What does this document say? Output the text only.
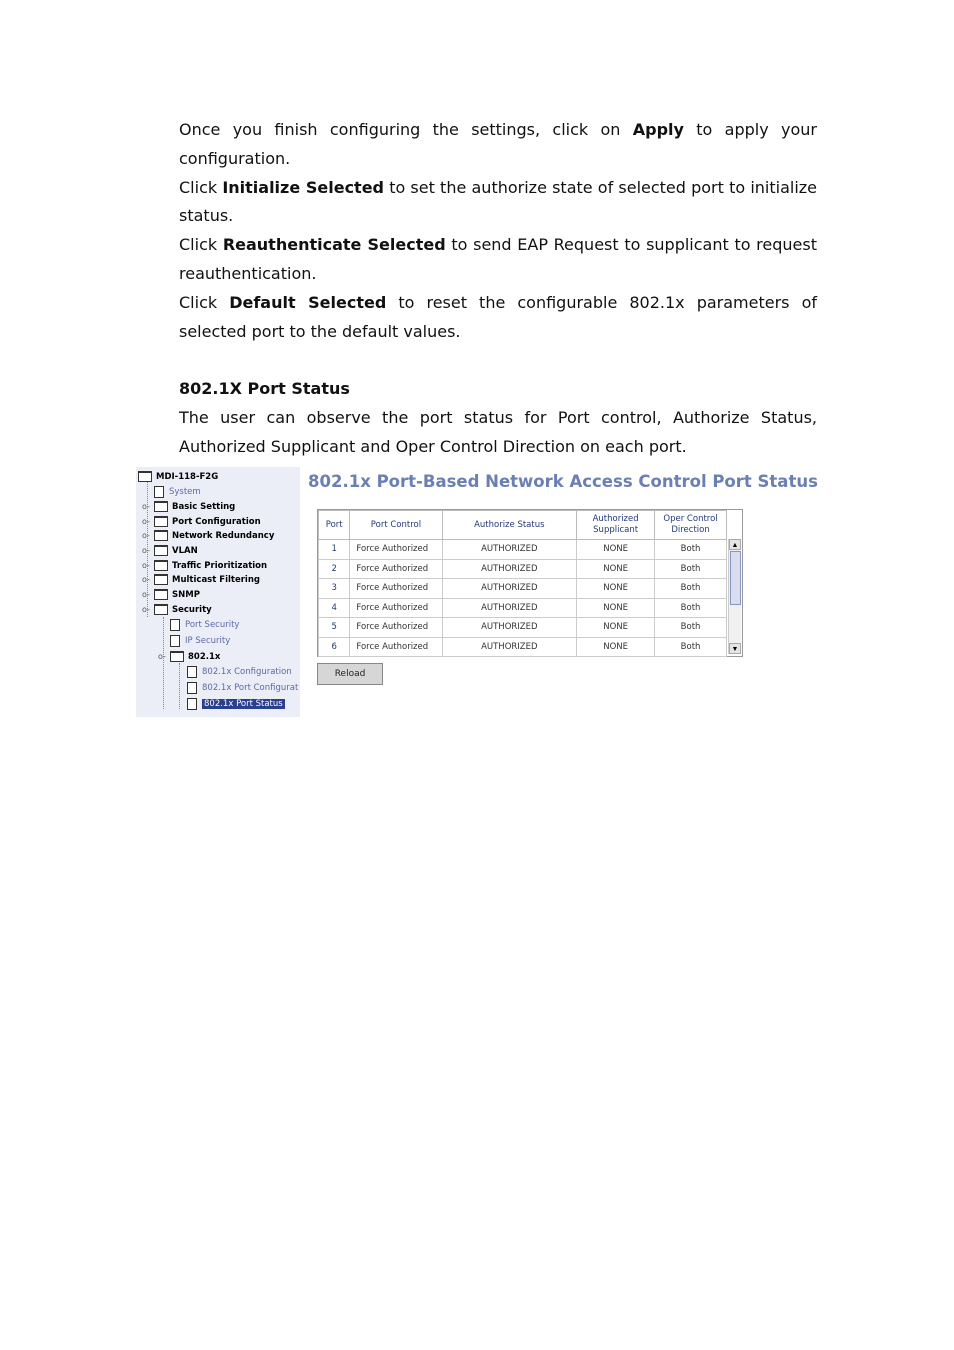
Once you finish configuring the settings, click on Apply to apply your configuration.

Click Initialize Selected to set the authorize state of selected port to initialize status.

Click Reauthenticate Selected to send EAP Request to supplicant to request reauthentication.

Click Default Selected to reset the configurable 802.1x parameters of selected port to the default values.

802.1X Port Status

The user can observe the port status for Port control, Authorize Status, Authorized Supplicant and Oper Control Direction on each port.

MDI-118-F2G
System
o-	Basic Setting
o-	Port Configuration
o-	Network Redundancy
o-	VLAN
o-	Traffic Prioritization
o-	Multicast Filtering
o-	SNMP
o-	Security
Port Security
IP Security
o-	802.1x
802.1x Configuration
802.1x Port Configurat
802.1x Port Status
802.1x Port-Based Network Access Control Port Status
Port	Port Control	Authorize Status	Authorized Supplicant	Oper Control Direction
1	Force Authorized	AUTHORIZED	NONE	Both
2	Force Authorized	AUTHORIZED	NONE	Both
3	Force Authorized	AUTHORIZED	NONE	Both
4	Force Authorized	AUTHORIZED	NONE	Both
5	Force Authorized	AUTHORIZED	NONE	Both
6	Force Authorized	AUTHORIZED	NONE	Both
▲
▼
Reload
